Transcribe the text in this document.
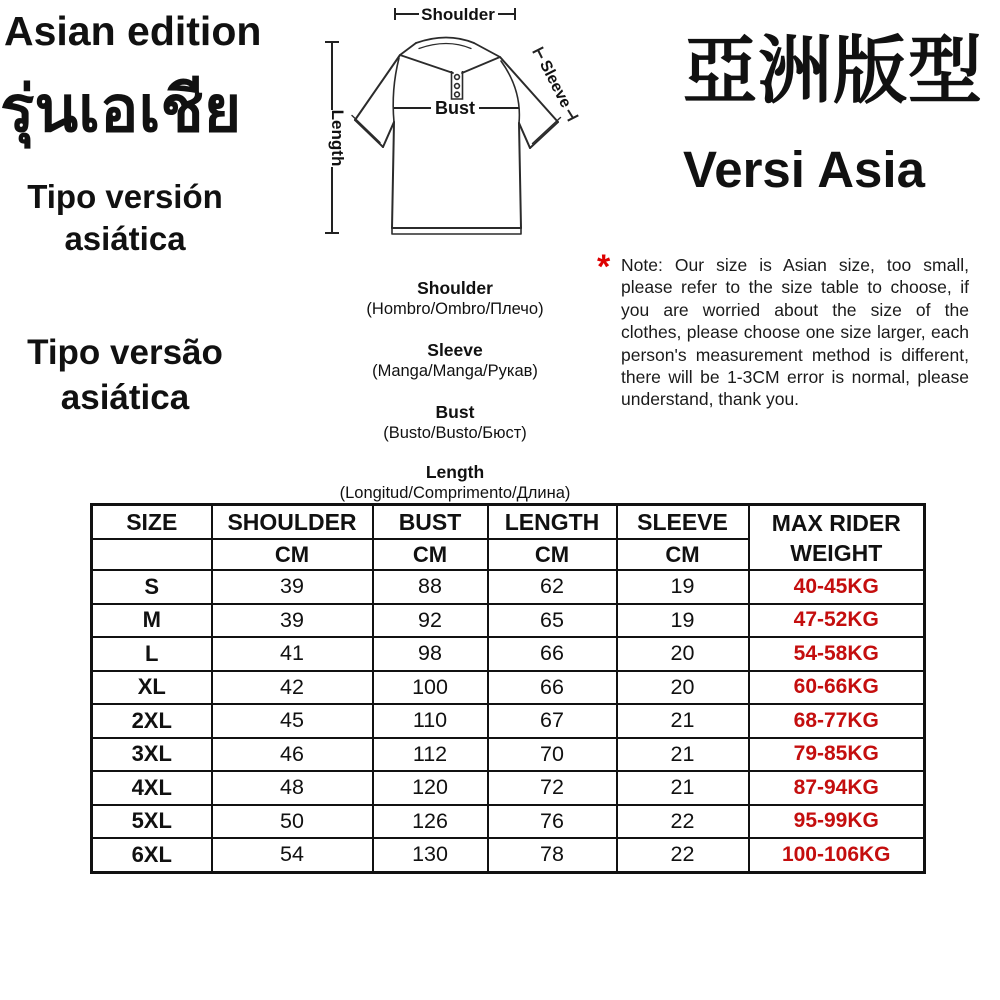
Asian edition
รุ่นเอเชีย
Tipo versión
asiática
Tipo versão
asiática
Shoulder
Length
Sleeve
Bust
Shoulder
(Hombro/Ombro/Плечо)
Sleeve
(Manga/Manga/Рукав)
Bust
(Busto/Busto/Бюст)
Length
(Longitud/Comprimento/Длина)
亞洲版型
Versi Asia
* Note: Our size is Asian size, too small, please refer to the size table to choose, if you are worried about the size of the clothes, please choose one size larger, each person's measurement method is different, there will be 1-3CM error is normal, please understand, thank you.
SIZE	SHOULDER	BUST	LENGTH	SLEEVE	MAX RIDER
WEIGHT

	CM	CM	CM	CM	
S	39	88	62	19	40-45KG
M	39	92	65	19	47-52KG
L	41	98	66	20	54-58KG
XL	42	100	66	20	60-66KG
2XL	45	110	67	21	68-77KG
3XL	46	112	70	21	79-85KG
4XL	48	120	72	21	87-94KG
5XL	50	126	76	22	95-99KG
6XL	54	130	78	22	100-106KG
